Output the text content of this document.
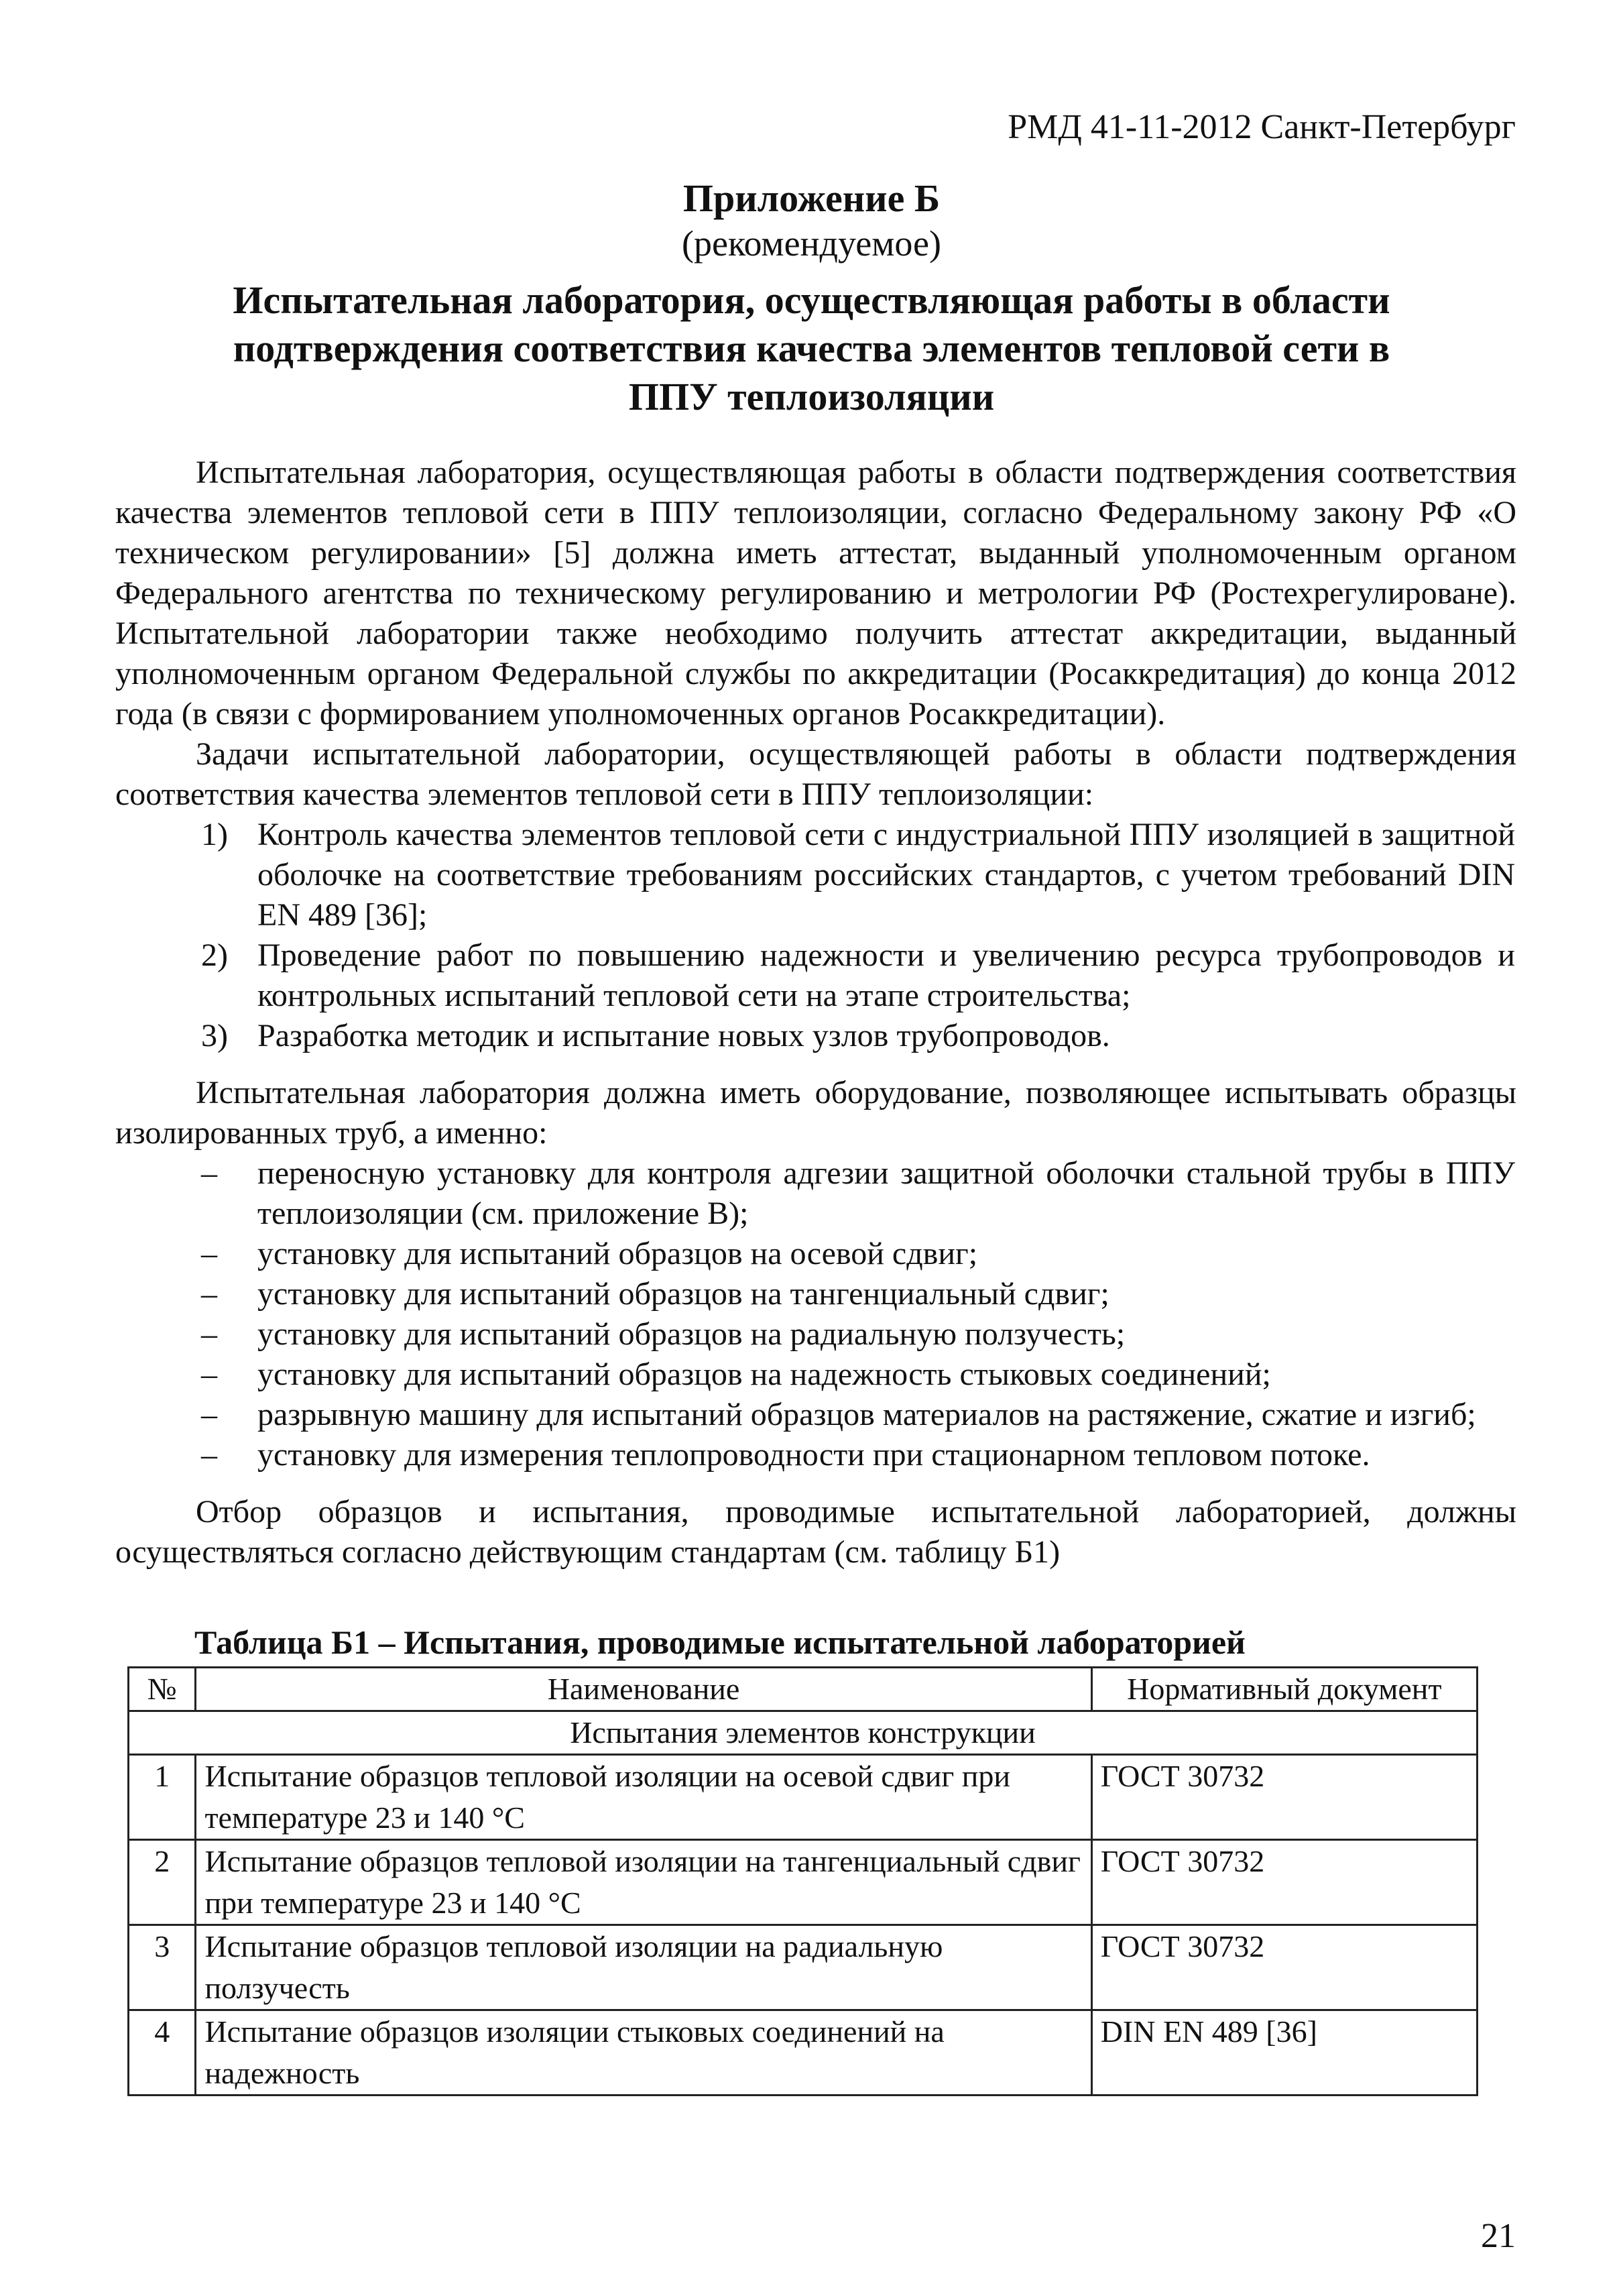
РМД 41-11-2012 Санкт-Петербург
Приложение Б
(рекомендуемое)
Испытательная лаборатория, осуществляющая работы в области
подтверждения соответствия качества элементов тепловой сети в
ППУ теплоизоляции
Испытательная лаборатория, осуществляющая работы в области подтверждения соответствия качества элементов тепловой сети в ППУ теплоизоляции, согласно Федеральному закону РФ «О техническом регулировании» [5] должна иметь аттестат, выданный уполномоченным органом Федерального агентства по техническому регулированию и метрологии РФ (Ростехрегулироване). Испытательной лаборатории также необходимо получить аттестат аккредитации, выданный уполномоченным органом Федеральной службы по аккредитации (Росаккредитация) до конца 2012 года (в связи с формированием уполномоченных органов Росаккредитации).
Задачи испытательной лаборатории, осуществляющей работы в области подтверждения соответствия качества элементов тепловой сети в ППУ теплоизоляции:
1) Контроль качества элементов тепловой сети с индустриальной ППУ изоляцией в защитной оболочке на соответствие требованиям российских стандартов, с учетом требований DIN EN 489 [36];
2) Проведение работ по повышению надежности и увеличению ресурса трубопроводов и контрольных испытаний тепловой сети на этапе строительства;
3) Разработка методик и испытание новых узлов трубопроводов.
Испытательная лаборатория должна иметь оборудование, позволяющее испытывать образцы изолированных труб, а именно:
– переносную установку для контроля адгезии защитной оболочки стальной трубы в ППУ теплоизоляции (см. приложение В);
– установку для испытаний образцов на осевой сдвиг;
– установку для испытаний образцов на тангенциальный сдвиг;
– установку для испытаний образцов на радиальную ползучесть;
– установку для испытаний образцов на надежность стыковых соединений;
– разрывную машину для испытаний образцов материалов на растяжение, сжатие и изгиб;
– установку для измерения теплопроводности при стационарном тепловом потоке.
Отбор образцов и испытания, проводимые испытательной лабораторией, должны осуществляться согласно действующим стандартам (см. таблицу Б1)
Таблица Б1 – Испытания, проводимые испытательной лабораторией
№	Наименование	Нормативный документ
Испытания элементов конструкции		
1	Испытание образцов тепловой изоляции на осевой сдвиг при температуре 23 и 140 °С	ГОСТ 30732
2	Испытание образцов тепловой изоляции на тангенциальный сдвиг при температуре 23 и 140 °С	ГОСТ 30732
3	Испытание образцов тепловой изоляции на радиальную ползучесть	ГОСТ 30732
4	Испытание образцов изоляции стыковых соединений на надежность	DIN EN 489 [36]
21
